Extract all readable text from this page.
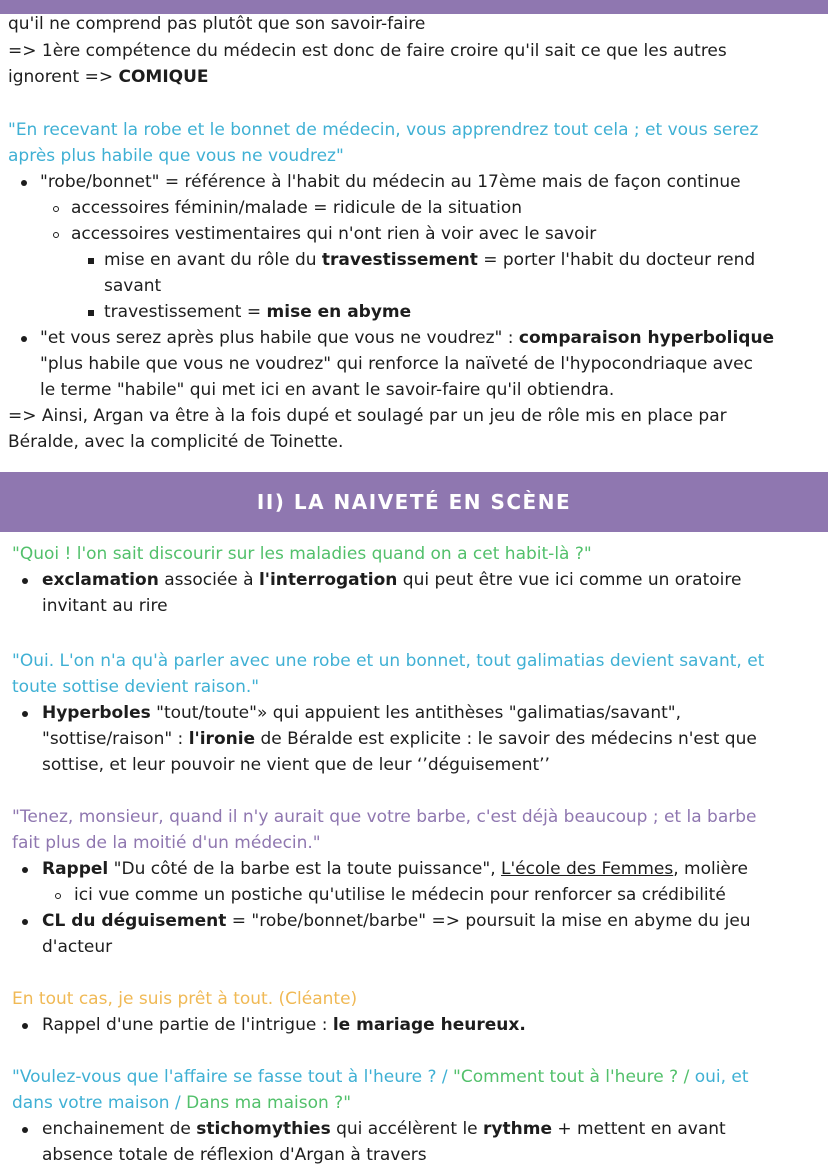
qu'il ne comprend pas plutôt que son savoir-faire
=> 1ère compétence du médecin est donc de faire croire qu'il sait ce que les autres
ignorent => COMIQUE
"En recevant la robe et le bonnet de médecin, vous apprendrez tout cela ; et vous serez
après plus habile que vous ne voudrez"
"robe/bonnet" = référence à l'habit du médecin au 17ème mais de façon continue
accessoires féminin/malade = ridicule de la situation
accessoires vestimentaires qui n'ont rien à voir avec le savoir
mise en avant du rôle du travestissement = porter l'habit du docteur rend
savant
travestissement = mise en abyme
"et vous serez après plus habile que vous ne voudrez" : comparaison hyperbolique
"plus habile que vous ne voudrez" qui renforce la naïveté de l'hypocondriaque avec
le terme "habile" qui met ici en avant le savoir-faire qu'il obtiendra.
=> Ainsi, Argan va être à la fois dupé et soulagé par un jeu de rôle mis en place par
Béralde, avec la complicité de Toinette.
II) LA NAIVETÉ EN SCÈNE
"Quoi ! l'on sait discourir sur les maladies quand on a cet habit-là ?"
exclamation associée à l'interrogation qui peut être vue ici comme un oratoire
invitant au rire
"Oui. L'on n'a qu'à parler avec une robe et un bonnet, tout galimatias devient savant, et
toute sottise devient raison."
Hyperboles "tout/toute"» qui appuient les antithèses "galimatias/savant",
"sottise/raison" : l'ironie de Béralde est explicite : le savoir des médecins n'est que
sottise, et leur pouvoir ne vient que de leur ‘’déguisement’’
"Tenez, monsieur, quand il n'y aurait que votre barbe, c'est déjà beaucoup ; et la barbe
fait plus de la moitié d'un médecin."
Rappel "Du côté de la barbe est la toute puissance", L'école des Femmes, molière
ici vue comme un postiche qu'utilise le médecin pour renforcer sa crédibilité
CL du déguisement = "robe/bonnet/barbe" => poursuit la mise en abyme du jeu
d'acteur
En tout cas, je suis prêt à tout. (Cléante)
Rappel d'une partie de l'intrigue : le mariage heureux.
"Voulez-vous que l'affaire se fasse tout à l'heure ? / "Comment tout à l'heure ? / oui, et
dans votre maison / Dans ma maison ?"
enchainement de stichomythies qui accélèrent le rythme + mettent en avant
absence totale de réflexion d'Argan à travers
